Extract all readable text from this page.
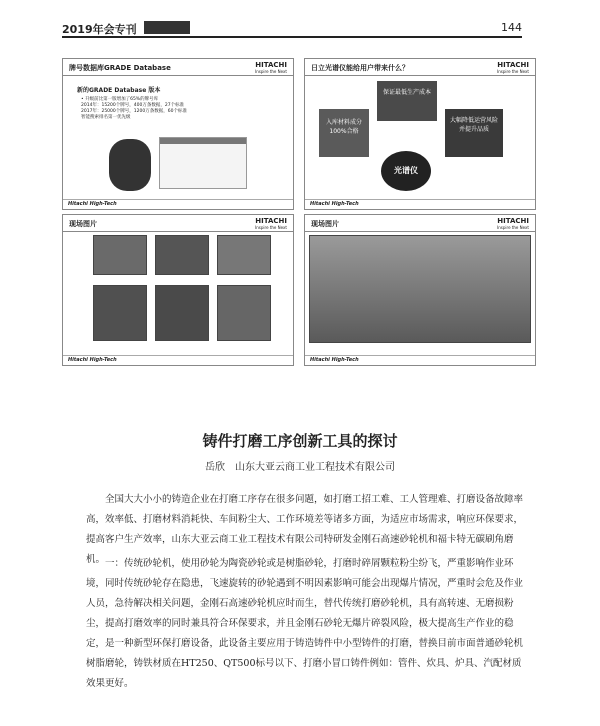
2019年会专刊	144
牌号数据库GRADE Database	HITACHI
Inspire the Next
新的GRADE Database 版本
• 升级前比第一版增加了65%的牌号库
2014年：15200个牌号，400万条数据，27个标准
2017年：25000个牌号，1200万条数据，60个标准
智能搜索排名第一优先级
Hitachi High-Tech
日立光谱仪能给用户带来什么？	HITACHI
Inspire the Next
保证最低生产成本
入库材料成分100%合格
大幅降低运营风险并提升品质
光谱仪
Hitachi High-Tech
现场图片	HITACHI
Inspire the Next
Hitachi High-Tech
现场图片	HITACHI
Inspire the Next
Hitachi High-Tech
铸件打磨工序创新工具的探讨
岳欣　山东大亚云商工业工程技术有限公司

全国大大小小的铸造企业在打磨工序存在很多问题，如打磨工招工难、工人管理难、打磨设备故障率高，效率低、打磨材料消耗快、车间粉尘大、工作环境差等诸多方面，为适应市场需求，响应环保要求，提高客户生产效率，山东大亚云商工业工程技术有限公司特研发金刚石高速砂轮机和福卡特无碳刷角磨机。 一：传统砂轮机，使用砂轮为陶瓷砂轮或是树脂砂轮，打磨时碎屑颗粒粉尘纷飞，严重影响作业环境，同时传统砂轮存在隐患，飞速旋转的砂轮遇到不明因素影响可能会出现爆片情况，严重时会危及作业人员，急待解决相关问题，金刚石高速砂轮机应时而生，替代传统打磨砂轮机，具有高转速、无磨损粉尘，提高打磨效率的同时兼具符合环保要求，并且金刚石砂轮无爆片碎裂风险，极大提高生产作业的稳定，是一种新型环保打磨设备，此设备主要应用于铸造铸件中小型铸件的打磨，替换目前市面普通砂轮机树脂磨轮，铸铁材质在HT250、QT500标号以下、打磨小冒口铸件例如：管件、炊具、炉具、汽配材质效果更好。
